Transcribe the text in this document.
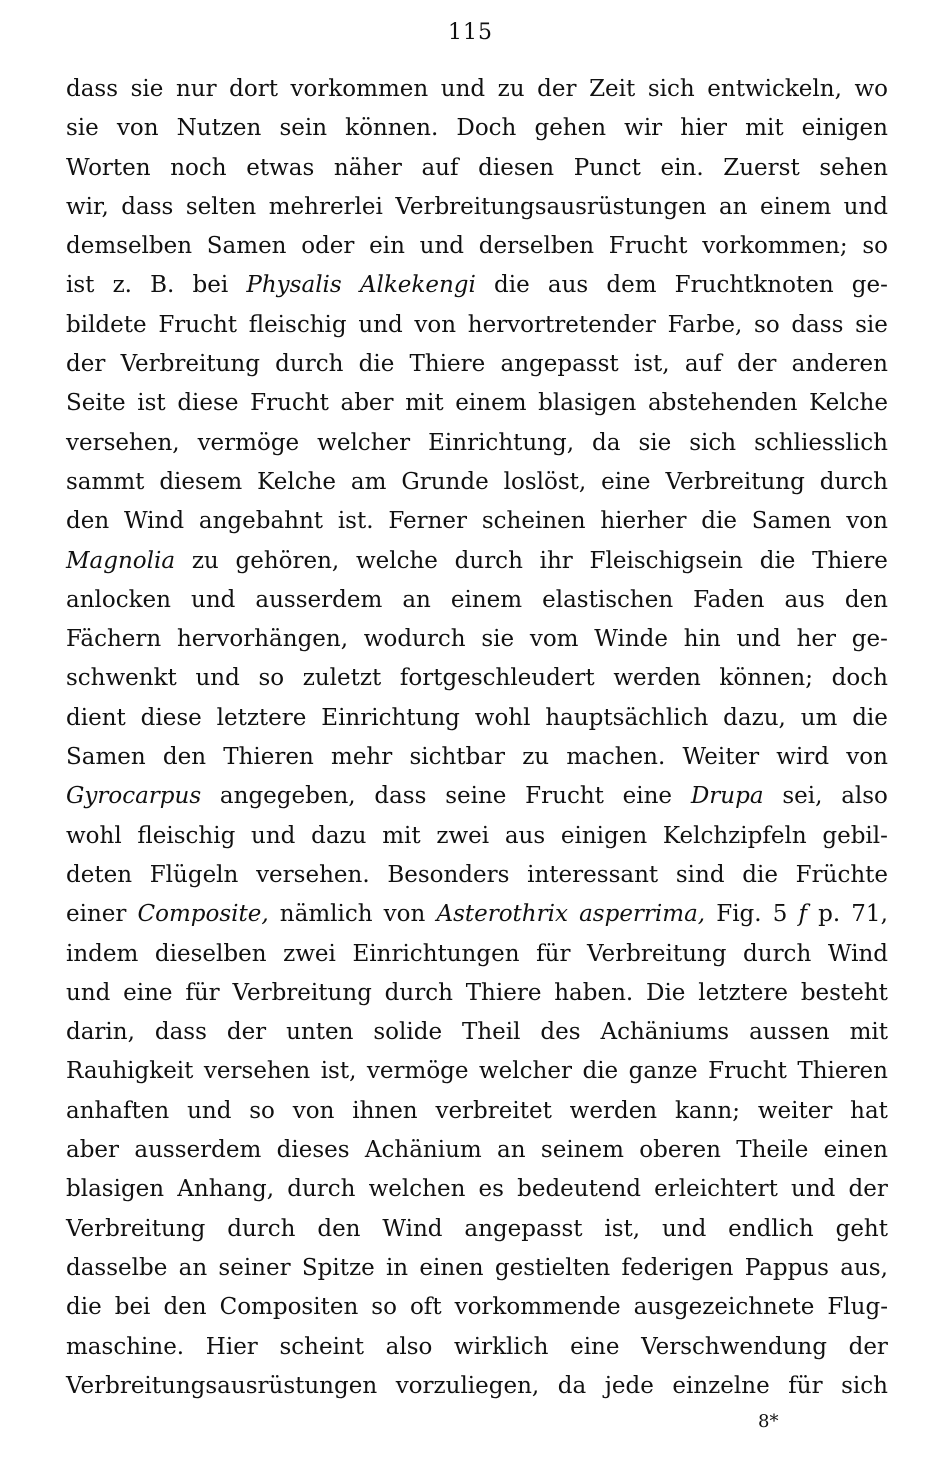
115
dass sie nur dort vorkommen und zu der Zeit sich entwickeln, wo
sie von Nutzen sein können. Doch gehen wir hier mit einigen
Worten noch etwas näher auf diesen Punct ein. Zuerst sehen
wir, dass selten mehrerlei Verbreitungsausrüstungen an einem und
demselben Samen oder ein und derselben Frucht vorkommen; so
ist z. B. bei Physalis Alkekengi die aus dem Fruchtknoten ge-
bildete Frucht fleischig und von hervortretender Farbe, so dass sie
der Verbreitung durch die Thiere angepasst ist, auf der anderen
Seite ist diese Frucht aber mit einem blasigen abstehenden Kelche
versehen, vermöge welcher Einrichtung, da sie sich schliesslich
sammt diesem Kelche am Grunde loslöst, eine Verbreitung durch
den Wind angebahnt ist. Ferner scheinen hierher die Samen von
Magnolia zu gehören, welche durch ihr Fleischigsein die Thiere
anlocken und ausserdem an einem elastischen Faden aus den
Fächern hervorhängen, wodurch sie vom Winde hin und her ge-
schwenkt und so zuletzt fortgeschleudert werden können; doch
dient diese letztere Einrichtung wohl hauptsächlich dazu, um die
Samen den Thieren mehr sichtbar zu machen. Weiter wird von
Gyrocarpus angegeben, dass seine Frucht eine Drupa sei, also
wohl fleischig und dazu mit zwei aus einigen Kelchzipfeln gebil-
deten Flügeln versehen. Besonders interessant sind die Früchte
einer Composite, nämlich von Asterothrix asperrima, Fig. 5 f p. 71,
indem dieselben zwei Einrichtungen für Verbreitung durch Wind
und eine für Verbreitung durch Thiere haben. Die letztere besteht
darin, dass der unten solide Theil des Achäniums aussen mit
Rauhigkeit versehen ist, vermöge welcher die ganze Frucht Thieren
anhaften und so von ihnen verbreitet werden kann; weiter hat
aber ausserdem dieses Achänium an seinem oberen Theile einen
blasigen Anhang, durch welchen es bedeutend erleichtert und der
Verbreitung durch den Wind angepasst ist, und endlich geht
dasselbe an seiner Spitze in einen gestielten federigen Pappus aus,
die bei den Compositen so oft vorkommende ausgezeichnete Flug-
maschine. Hier scheint also wirklich eine Verschwendung der
Verbreitungsausrüstungen vorzuliegen, da jede einzelne für sich
8*
